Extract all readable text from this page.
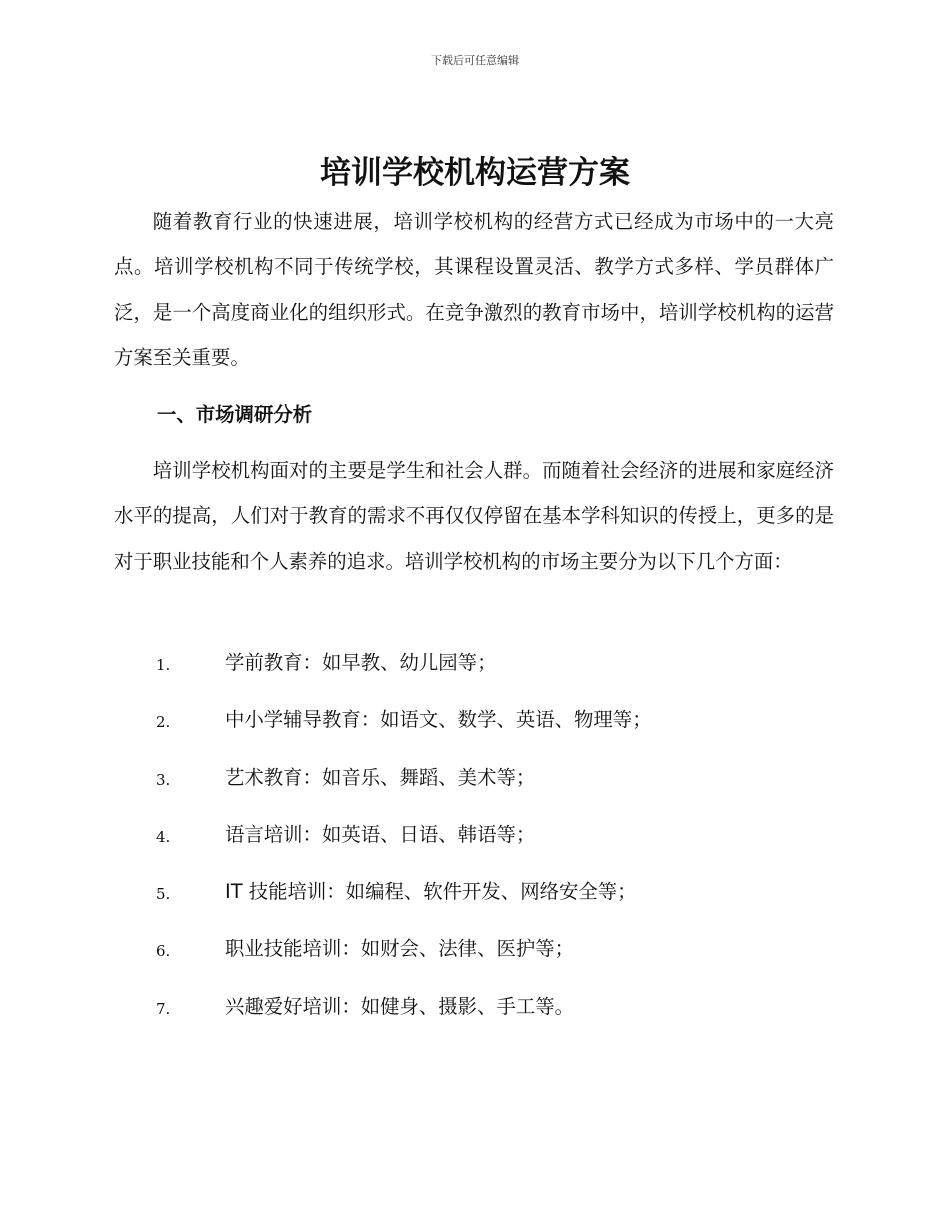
下载后可任意编辑
培训学校机构运营方案

随着教育行业的快速进展，培训学校机构的经营方式已经成为市场中的一大亮点。培训学校机构不同于传统学校，其课程设置灵活、教学方式多样、学员群体广泛，是一个高度商业化的组织形式。在竞争激烈的教育市场中，培训学校机构的运营方案至关重要。

一、市场调研分析

培训学校机构面对的主要是学生和社会人群。而随着社会经济的进展和家庭经济水平的提高，人们对于教育的需求不再仅仅停留在基本学科知识的传授上，更多的是对于职业技能和个人素养的追求。培训学校机构的市场主要分为以下几个方面：

1.	学前教育：如早教、幼儿园等；
2.	中小学辅导教育：如语文、数学、英语、物理等；
3.	艺术教育：如音乐、舞蹈、美术等；
4.	语言培训：如英语、日语、韩语等；
5.	IT 技能培训：如编程、软件开发、网络安全等；
6.	职业技能培训：如财会、法律、医护等；
7.	兴趣爱好培训：如健身、摄影、手工等。
